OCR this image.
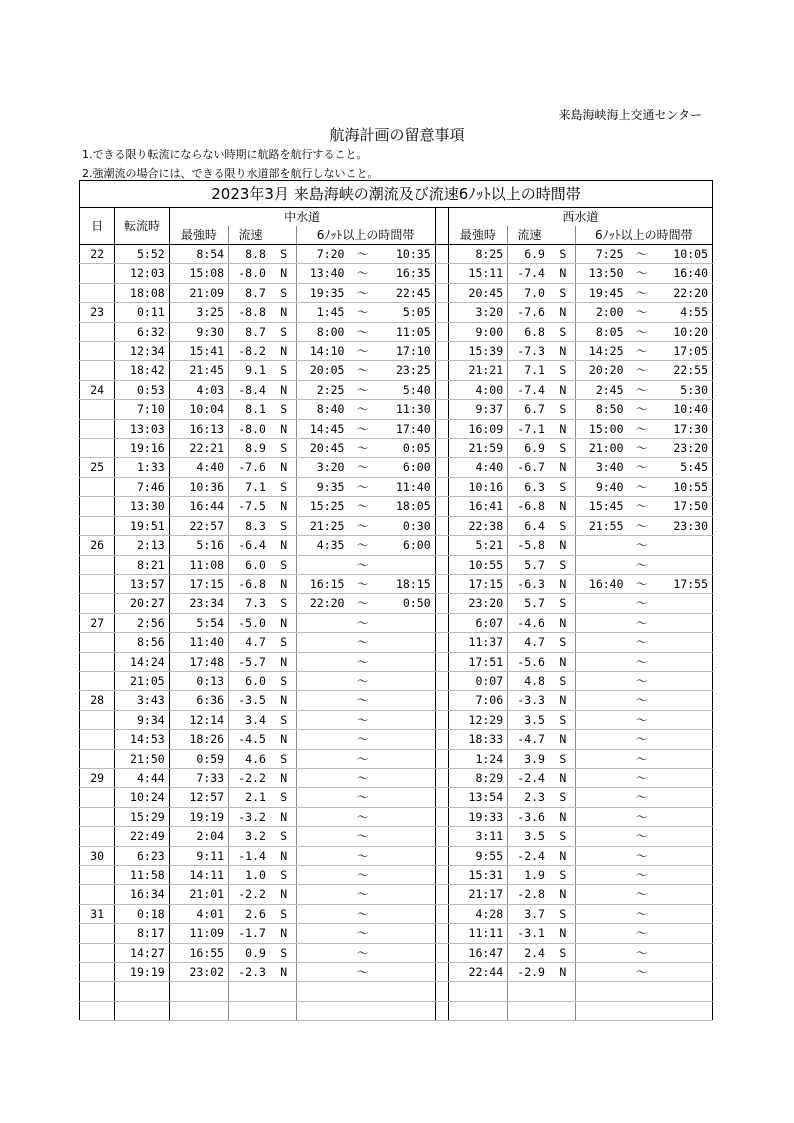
来島海峡海上交通センター
航海計画の留意事項
1.できる限り転流にならない時期に航路を航行すること。
2.強潮流の場合には、できる限り水道部を航行しないこと。
2023年3月 来島海峡の潮流及び流速6ﾉｯﾄ以上の時間帯														
日	転流時	中水道							西水道					
		最強時	流速		6ﾉｯﾄ以上の時間帯				最強時	流速		6ﾉｯﾄ以上の時間帯		
22	5:52	8:54	8.8	S	7:20	～	10:35		8:25	6.9	S	7:25	～	10:05
	12:03	15:08	-8.0	N	13:40	～	16:35		15:11	-7.4	N	13:50	～	16:40
	18:08	21:09	8.7	S	19:35	～	22:45		20:45	7.0	S	19:45	～	22:20
23	0:11	3:25	-8.8	N	1:45	～	5:05		3:20	-7.6	N	2:00	～	4:55
	6:32	9:30	8.7	S	8:00	～	11:05		9:00	6.8	S	8:05	～	10:20
	12:34	15:41	-8.2	N	14:10	～	17:10		15:39	-7.3	N	14:25	～	17:05
	18:42	21:45	9.1	S	20:05	～	23:25		21:21	7.1	S	20:20	～	22:55
24	0:53	4:03	-8.4	N	2:25	～	5:40		4:00	-7.4	N	2:45	～	5:30
	7:10	10:04	8.1	S	8:40	～	11:30		9:37	6.7	S	8:50	～	10:40
	13:03	16:13	-8.0	N	14:45	～	17:40		16:09	-7.1	N	15:00	～	17:30
	19:16	22:21	8.9	S	20:45	～	0:05		21:59	6.9	S	21:00	～	23:20
25	1:33	4:40	-7.6	N	3:20	～	6:00		4:40	-6.7	N	3:40	～	5:45
	7:46	10:36	7.1	S	9:35	～	11:40		10:16	6.3	S	9:40	～	10:55
	13:30	16:44	-7.5	N	15:25	～	18:05		16:41	-6.8	N	15:45	～	17:50
	19:51	22:57	8.3	S	21:25	～	0:30		22:38	6.4	S	21:55	～	23:30
26	2:13	5:16	-6.4	N	4:35	～	6:00		5:21	-5.8	N		～	
	8:21	11:08	6.0	S		～			10:55	5.7	S		～	
	13:57	17:15	-6.8	N	16:15	～	18:15		17:15	-6.3	N	16:40	～	17:55
	20:27	23:34	7.3	S	22:20	～	0:50		23:20	5.7	S		～	
27	2:56	5:54	-5.0	N		～			6:07	-4.6	N		～	
	8:56	11:40	4.7	S		～			11:37	4.7	S		～	
	14:24	17:48	-5.7	N		～			17:51	-5.6	N		～	
	21:05	0:13	6.0	S		～			0:07	4.8	S		～	
28	3:43	6:36	-3.5	N		～			7:06	-3.3	N		～	
	9:34	12:14	3.4	S		～			12:29	3.5	S		～	
	14:53	18:26	-4.5	N		～			18:33	-4.7	N		～	
	21:50	0:59	4.6	S		～			1:24	3.9	S		～	
29	4:44	7:33	-2.2	N		～			8:29	-2.4	N		～	
	10:24	12:57	2.1	S		～			13:54	2.3	S		～	
	15:29	19:19	-3.2	N		～			19:33	-3.6	N		～	
	22:49	2:04	3.2	S		～			3:11	3.5	S		～	
30	6:23	9:11	-1.4	N		～			9:55	-2.4	N		～	
	11:58	14:11	1.0	S		～			15:31	1.9	S		～	
	16:34	21:01	-2.2	N		～			21:17	-2.8	N		～	
31	0:18	4:01	2.6	S		～			4:28	3.7	S		～	
	8:17	11:09	-1.7	N		～			11:11	-3.1	N		～	
	14:27	16:55	0.9	S		～			16:47	2.4	S		～	
	19:19	23:02	-2.3	N		～			22:44	-2.9	N		～	
